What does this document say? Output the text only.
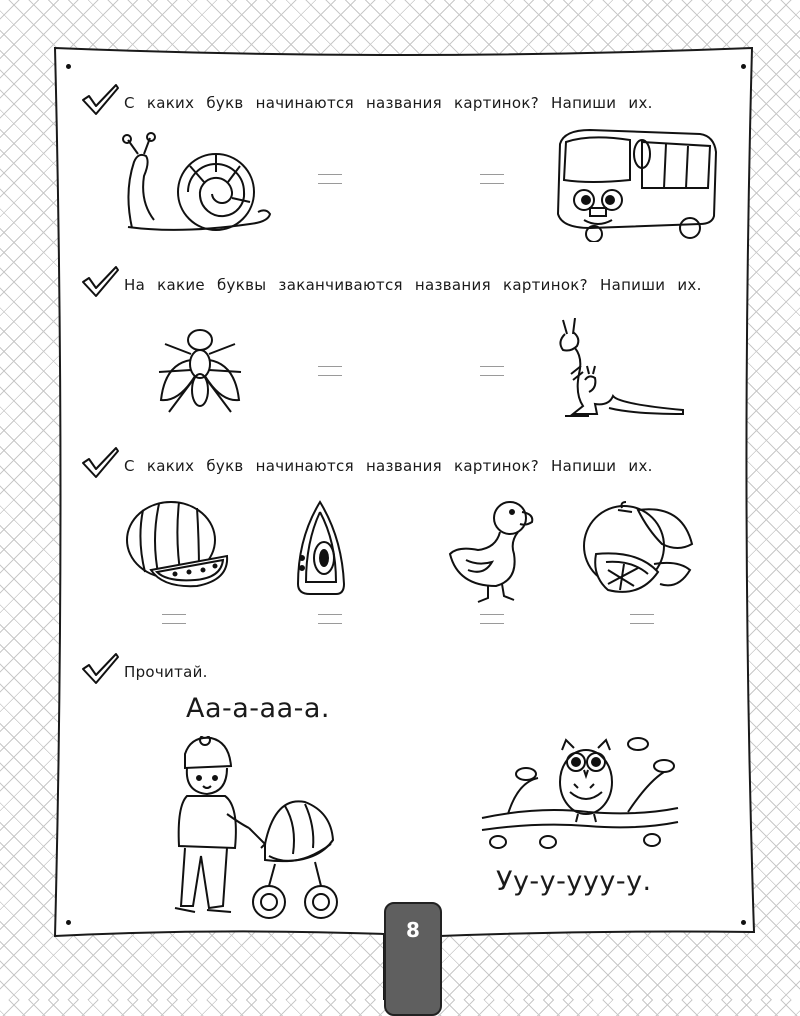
С каких букв начинаются названия картинок? Напиши их.
На какие буквы заканчиваются названия картинок? Напиши их.
С каких букв начинаются названия картинок? Напиши их.
Прочитай.
Аа-а-аа-а.
Уу-у-ууу-у.
8
